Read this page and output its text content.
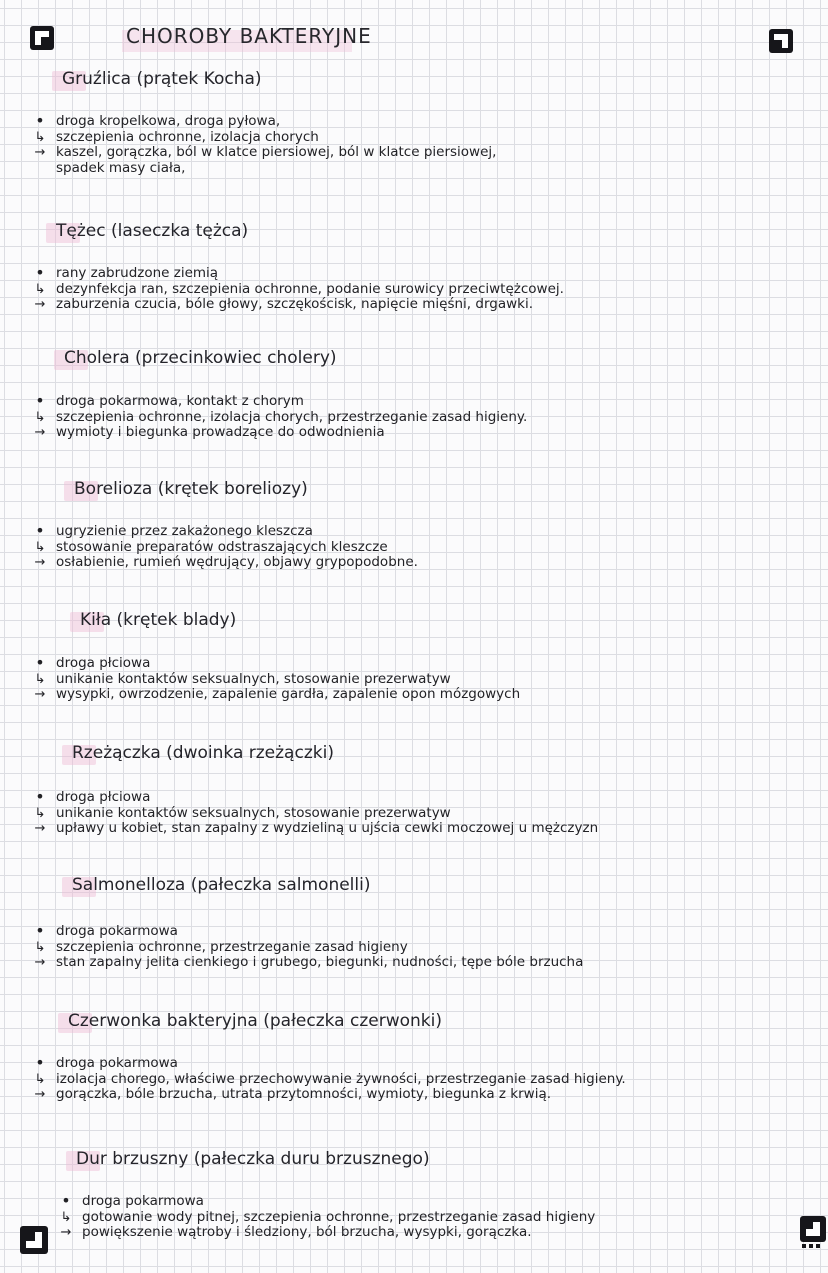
CHOROBY BAKTERYJNE
Gruźlica (prątek Kocha)
• droga kropelkowa, droga pyłowa,
↳ szczepienia ochronne, izolacja chorych
→ kaszel, gorączka, ból w klatce piersiowej, ból w klatce piersiowej,
spadek masy ciała,
Tężec (laseczka tężca)
• rany zabrudzone ziemią
↳ dezynfekcja ran, szczepienia ochronne, podanie surowicy przeciwtężcowej.
→ zaburzenia czucia, bóle głowy, szczękościsk, napięcie mięśni, drgawki.
Cholera (przecinkowiec cholery)
• droga pokarmowa, kontakt z chorym
↳ szczepienia ochronne, izolacja chorych, przestrzeganie zasad higieny.
→ wymioty i biegunka prowadzące do odwodnienia
Borelioza (krętek boreliozy)
• ugryzienie przez zakażonego kleszcza
↳ stosowanie preparatów odstraszających kleszcze
→ osłabienie, rumień wędrujący, objawy grypopodobne.
Kiła (krętek blady)
• droga płciowa
↳ unikanie kontaktów seksualnych, stosowanie prezerwatyw
→ wysypki, owrzodzenie, zapalenie gardła, zapalenie opon mózgowych
Rzeżączka (dwoinka rzeżączki)
• droga płciowa
↳ unikanie kontaktów seksualnych, stosowanie prezerwatyw
→ upławy u kobiet, stan zapalny z wydzieliną u ujścia cewki moczowej u mężczyzn
Salmonelloza (pałeczka salmonelli)
• droga pokarmowa
↳ szczepienia ochronne, przestrzeganie zasad higieny
→ stan zapalny jelita cienkiego i grubego, biegunki, nudności, tępe bóle brzucha
Czerwonka bakteryjna (pałeczka czerwonki)
• droga pokarmowa
↳ izolacja chorego, właściwe przechowywanie żywności, przestrzeganie zasad higieny.
→ gorączka, bóle brzucha, utrata przytomności, wymioty, biegunka z krwią.
Dur brzuszny (pałeczka duru brzusznego)
• droga pokarmowa
↳ gotowanie wody pitnej, szczepienia ochronne, przestrzeganie zasad higieny
→ powiększenie wątroby i śledziony, ból brzucha, wysypki, gorączka.
